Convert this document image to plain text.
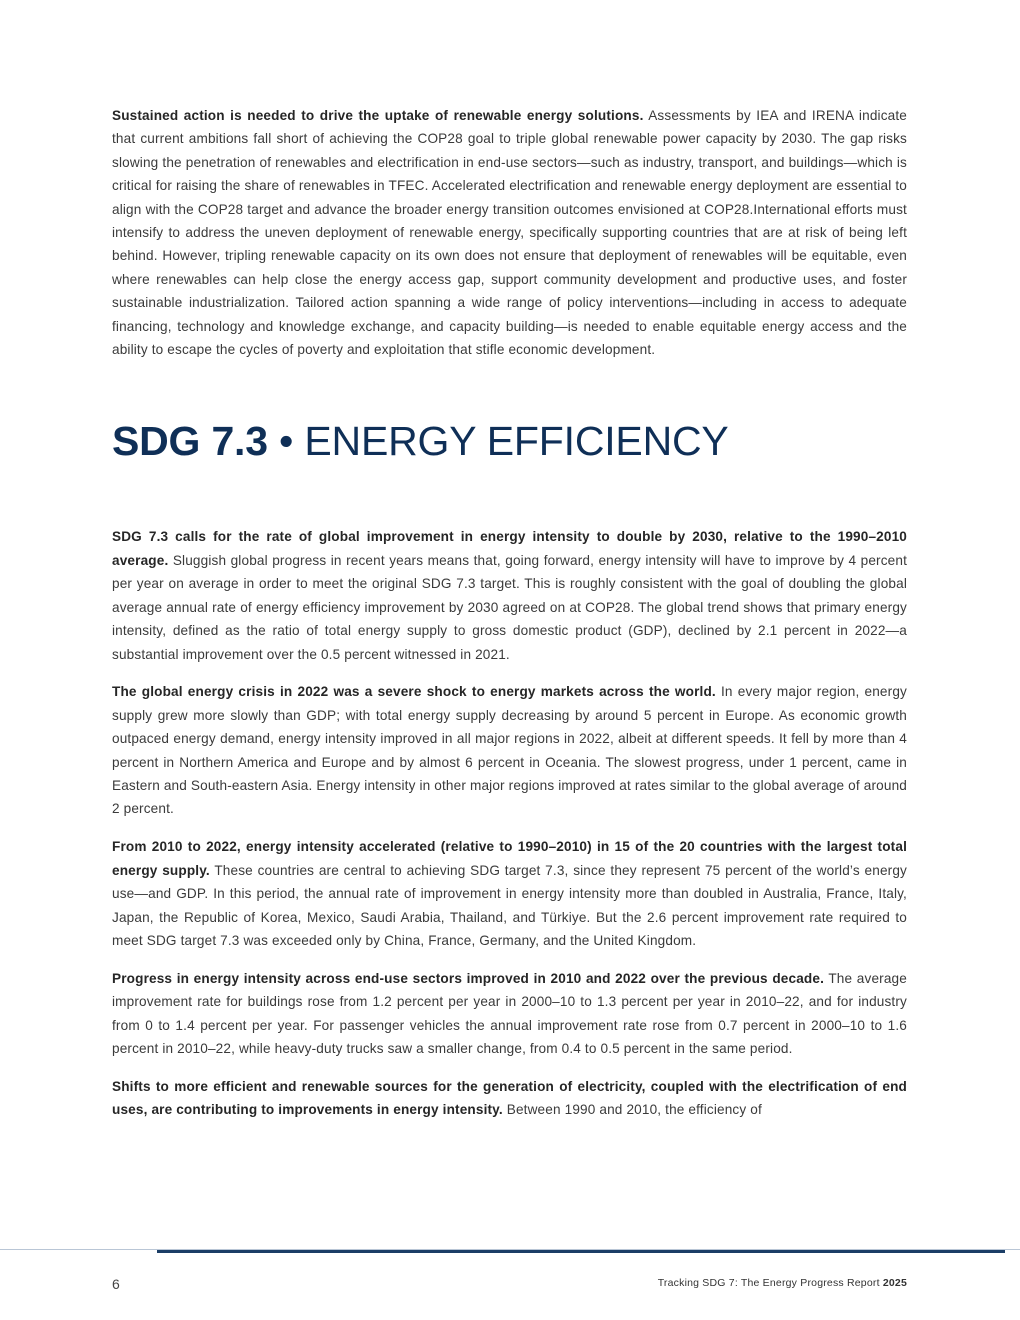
Sustained action is needed to drive the uptake of renewable energy solutions. Assessments by IEA and IRENA indicate that current ambitions fall short of achieving the COP28 goal to triple global renewable power capacity by 2030. The gap risks slowing the penetration of renewables and electrification in end-use sectors—such as industry, transport, and buildings—which is critical for raising the share of renewables in TFEC. Accelerated electrification and renewable energy deployment are essential to align with the COP28 target and advance the broader energy transition outcomes envisioned at COP28.International efforts must intensify to address the uneven deployment of renewable energy, specifically supporting countries that are at risk of being left behind. However, tripling renewable capacity on its own does not ensure that deployment of renewables will be equitable, even where renewables can help close the energy access gap, support community development and productive uses, and foster sustainable industrialization. Tailored action spanning a wide range of policy interventions—including in access to adequate financing, technology and knowledge exchange, and capacity building—is needed to enable equitable energy access and the ability to escape the cycles of poverty and exploitation that stifle economic development.

SDG 7.3 • ENERGY EFFICIENCY

SDG 7.3 calls for the rate of global improvement in energy intensity to double by 2030, relative to the 1990–2010 average. Sluggish global progress in recent years means that, going forward, energy intensity will have to improve by 4 percent per year on average in order to meet the original SDG 7.3 target. This is roughly consistent with the goal of doubling the global average annual rate of energy efficiency improvement by 2030 agreed on at COP28. The global trend shows that primary energy intensity, defined as the ratio of total energy supply to gross domestic product (GDP), declined by 2.1 percent in 2022—a substantial improvement over the 0.5 percent witnessed in 2021.

The global energy crisis in 2022 was a severe shock to energy markets across the world. In every major region, energy supply grew more slowly than GDP; with total energy supply decreasing by around 5 percent in Europe. As economic growth outpaced energy demand, energy intensity improved in all major regions in 2022, albeit at different speeds. It fell by more than 4 percent in Northern America and Europe and by almost 6 percent in Oceania. The slowest progress, under 1 percent, came in Eastern and South-eastern Asia. Energy intensity in other major regions improved at rates similar to the global average of around 2 percent.

From 2010 to 2022, energy intensity accelerated (relative to 1990–2010) in 15 of the 20 countries with the largest total energy supply. These countries are central to achieving SDG target 7.3, since they represent 75 percent of the world’s energy use—and GDP. In this period, the annual rate of improvement in energy intensity more than doubled in Australia, France, Italy, Japan, the Republic of Korea, Mexico, Saudi Arabia, Thailand, and Türkiye. But the 2.6 percent improvement rate required to meet SDG target 7.3 was exceeded only by China, France, Germany, and the United Kingdom.

Progress in energy intensity across end-use sectors improved in 2010 and 2022 over the previous decade. The average improvement rate for buildings rose from 1.2 percent per year in 2000–10 to 1.3 percent per year in 2010–22, and for industry from 0 to 1.4 percent per year. For passenger vehicles the annual improvement rate rose from 0.7 percent in 2000–10 to 1.6 percent in 2010–22, while heavy-duty trucks saw a smaller change, from 0.4 to 0.5 percent in the same period.

Shifts to more efficient and renewable sources for the generation of electricity, coupled with the electrification of end uses, are contributing to improvements in energy intensity. Between 1990 and 2010, the efficiency of

6	Tracking SDG 7: The Energy Progress Report 2025
